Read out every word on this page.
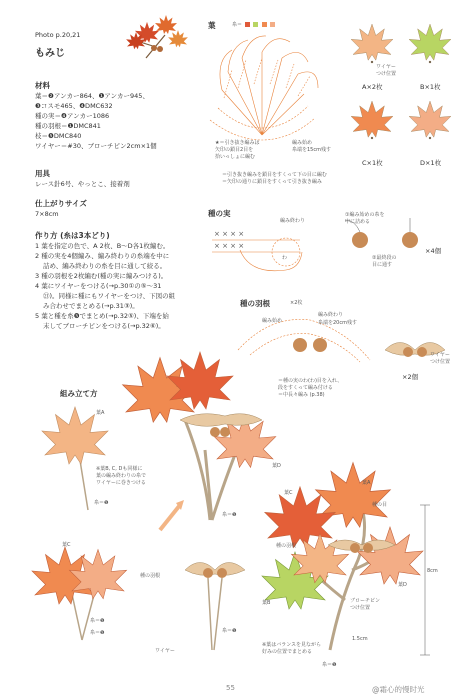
× × × ×
× × × ×
Photo p.20,21
もみじ
材料
葉＝❷アンカー864、❶アンカー945、
❸コスモ465、❹DMC632
種の実＝❹アンカー1086
種の羽根＝❶DMC841
枝＝❺DMC840
ワイヤー＝#30、ブローチピン2cm×1個
用具
レース針6号、やっとこ、接着剤
仕上がりサイズ
7×8cm
作り方 (糸は3本どり)
1 葉を指定の色で、A 2枚、B〜D各1枚編む。
2 種の実を4個編み、編み終わりの糸端を中に
詰め、編み終わりの糸を目に通して絞る。
3 種の羽根を2枚編む(種の実に編みつける)。
4 葉にワイヤーをつける(→p.30①の⑤〜31
㉑)。同様に種にもワイヤーをつけ、下図の組
み合わせでまとめる(→p.31③)。
5 葉と種を糸❺でまとめ(→p.32⑤)、下端を始
末してブローチピンをつける(→p.32⑥)。
葉	糸＝
★＝引き抜き編みは
矢印の鎖目2目を
拾いっしょに編む
編み始め
糸端を15cm残す
＝引き抜き編みを鎖目をすくって下の目に編む
＝矢印の通りに鎖目をすくって引き抜き編み
ワイヤー
つけ位置
A×2枚	B×1枚
C×1枚	D×1枚
種の実
編み終わり
①編み始めの糸を
中に詰める
②最終段の
目に通す
×4個
わ
種の羽根	×2枚
編み始め
編み終わり
糸端を20cm残す
＝種の実のわ(わ)目を入れ、
段をすくって編み付ける
＝中長々編み (p.38)
ワイヤー
つけ位置
×2個
組み立て方
葉A
※葉B, C, Dも同様に
葉の編み終わりの糸で
ワイヤーに巻きつける
糸＝❺
葉C
糸＝❺
糸＝❺
糸＝❺
葉D
種の羽根
ワイヤー
糸＝❺
葉C
葉A
種の目
種の羽根
葉B
葉D
ブローチピン
つけ位置
8cm
1.5cm
※葉はバランスを見ながら
好みの位置でまとめる
糸＝❺
55	@霜心的慢时光
